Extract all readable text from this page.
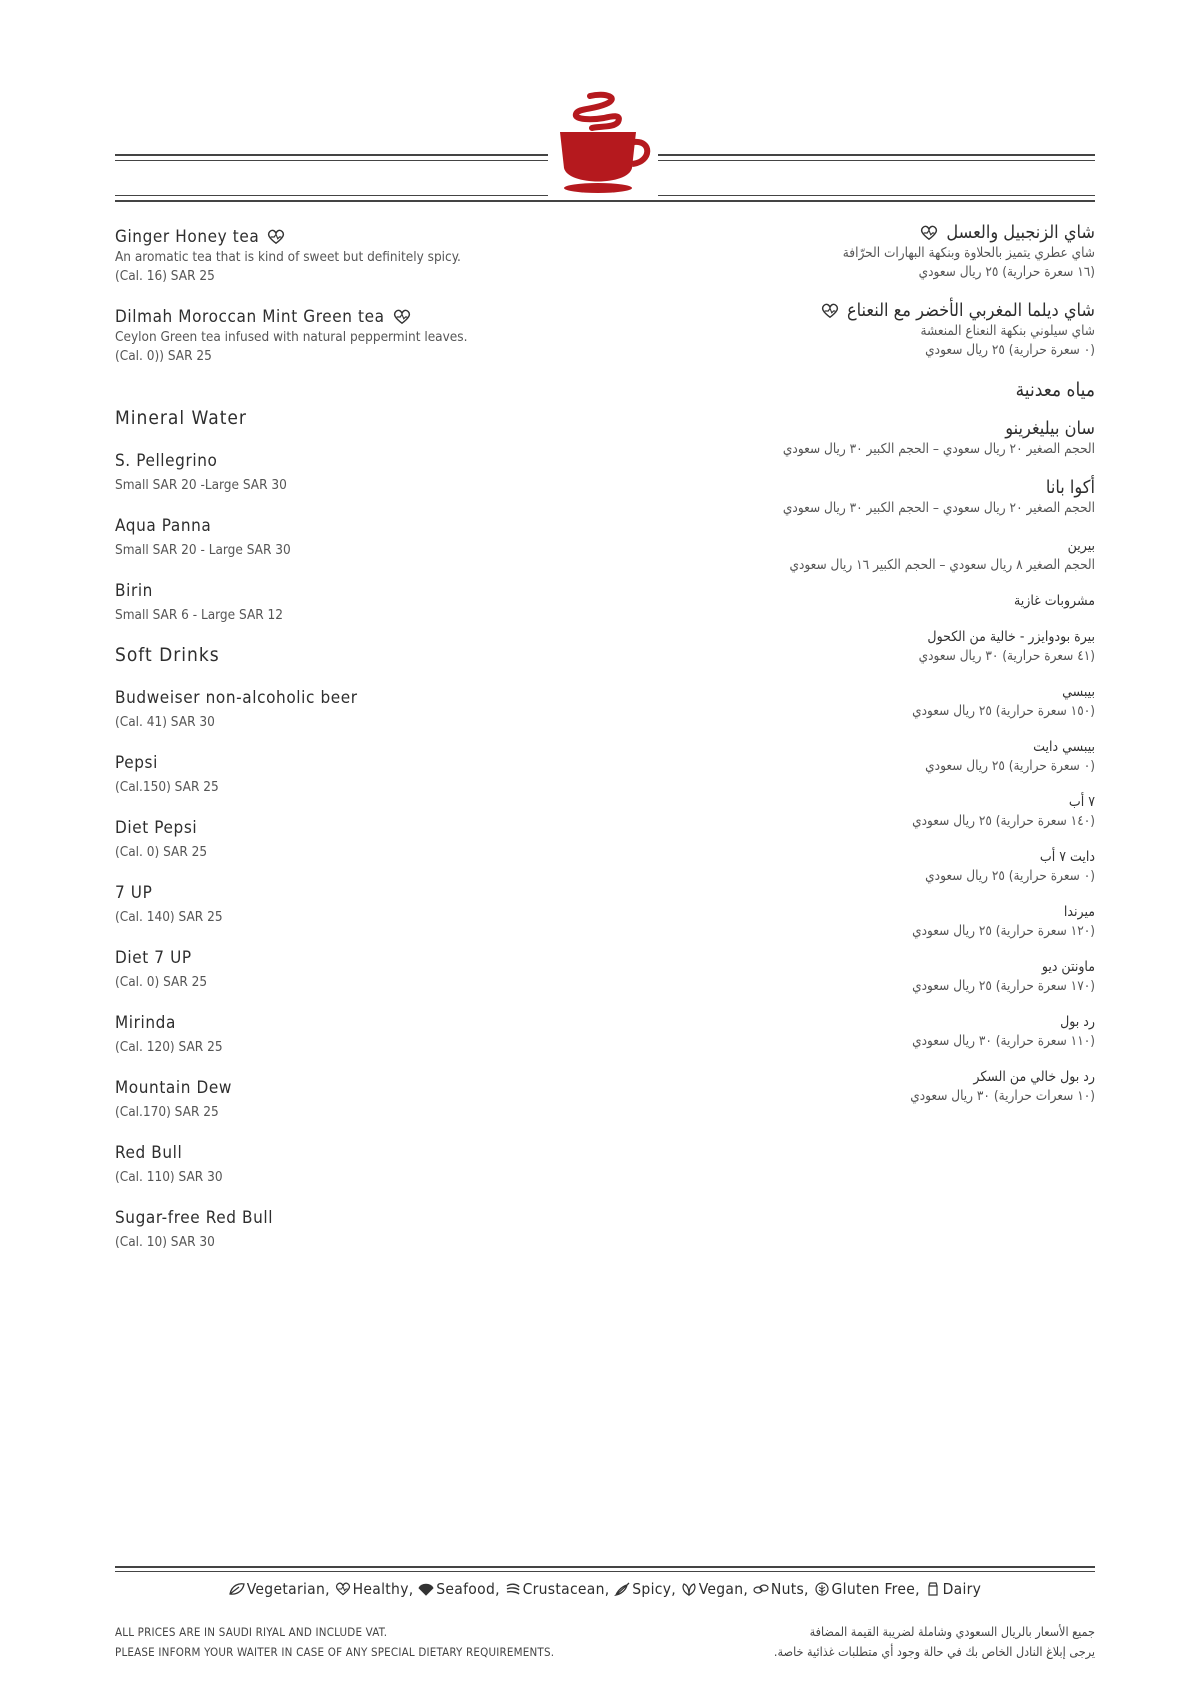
Ginger Honey tea
An aromatic tea that is kind of sweet but definitely spicy.
(Cal. 16) SAR 25
Dilmah Moroccan Mint Green tea
Ceylon Green tea infused with natural peppermint leaves.
(Cal. 0)) SAR 25
Mineral Water
S. Pellegrino
Small SAR 20 -Large SAR 30
Aqua Panna
Small SAR 20 - Large SAR 30
Birin
Small SAR 6 - Large SAR 12
Soft Drinks
Budweiser non-alcoholic beer
(Cal. 41) SAR 30
Pepsi
(Cal.150) SAR 25
Diet Pepsi
(Cal. 0) SAR 25
7 UP
(Cal. 140) SAR 25
Diet 7 UP
(Cal. 0) SAR 25
Mirinda
(Cal. 120) SAR 25
Mountain Dew
(Cal.170) SAR 25
Red Bull
(Cal. 110) SAR 30
Sugar-free Red Bull
(Cal. 10) SAR 30
شاي الزنجبيل والعسل
شاي عطري يتميز بالحلاوة وبنكهة البهارات الحرّافة
(١٦ سعرة حرارية) ٢٥ ريال سعودي
شاي ديلما المغربي الأخضر مع النعناع
شاي سيلوني بنكهة النعناع المنعشة
(٠ سعرة حرارية) ٢٥ ريال سعودي
مياه معدنية
سان بيليغرينو
الحجم الصغير ٢٠ ريال سعودي – الحجم الكبير ٣٠ ريال سعودي
أكوا بانا
الحجم الصغير ٢٠ ريال سعودي – الحجم الكبير ٣٠ ريال سعودي
بيرين
الحجم الصغير ٨ ريال سعودي – الحجم الكبير ١٦ ريال سعودي
مشروبات غازية
بيرة بودوايزر - خالية من الكحول
(٤١ سعرة حرارية) ٣٠ ريال سعودي
بيبسي
(١٥٠ سعرة حرارية) ٢٥ ريال سعودي
بيبسي دايت
(٠ سعرة حرارية) ٢٥ ريال سعودي
٧ أب
(١٤٠ سعرة حرارية) ٢٥ ريال سعودي
دايت ٧ أب
(٠ سعرة حرارية) ٢٥ ريال سعودي
ميرندا
(١٢٠ سعرة حرارية) ٢٥ ريال سعودي
ماونتن ديو
(١٧٠ سعرة حرارية) ٢٥ ريال سعودي
رد بول
(١١٠ سعرة حرارية) ٣٠ ريال سعودي
رد بول خالي من السكر
(١٠ سعرات حرارية) ٣٠ ريال سعودي
Vegetarian, Healthy, Seafood, Crustacean, Spicy, Vegan, Nuts, Gluten Free, Dairy
ALL PRICES ARE IN SAUDI RIYAL AND INCLUDE VAT.
PLEASE INFORM YOUR WAITER IN CASE OF ANY SPECIAL DIETARY REQUIREMENTS.
جميع الأسعار بالريال السعودي وشاملة لضريبة القيمة المضافة
يرجى إبلاغ النادل الخاص بك في حالة وجود أي متطلبات غذائية خاصة.
